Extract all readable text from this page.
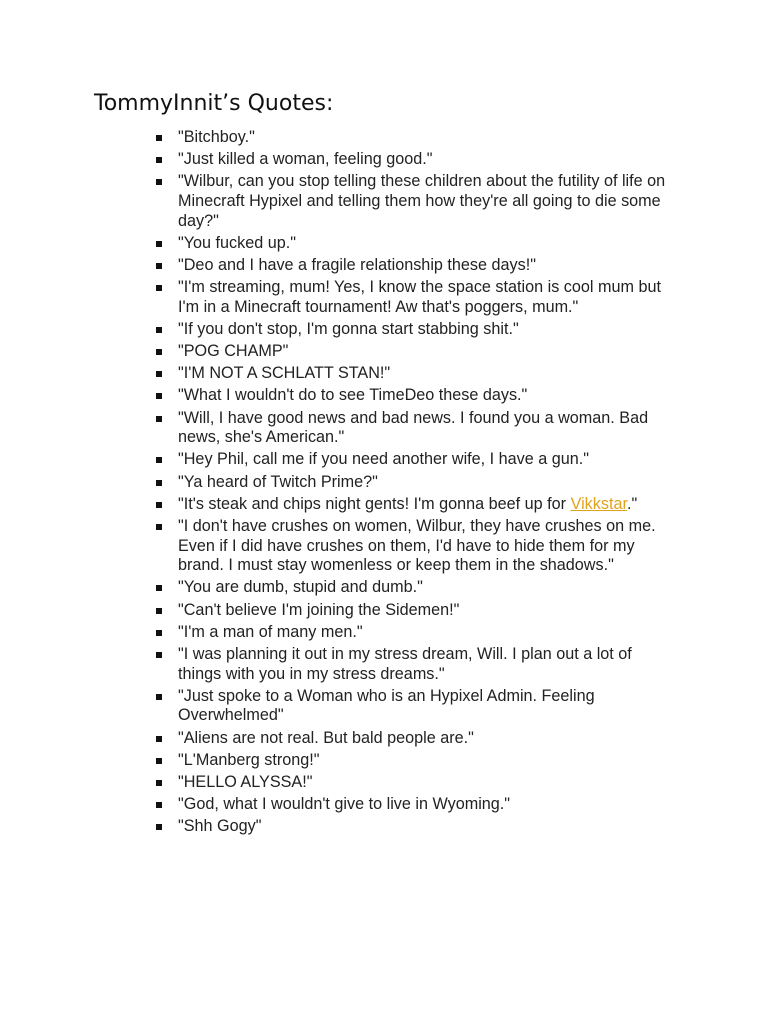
TommyInnit’s Quotes:
"Bitchboy."
"Just killed a woman, feeling good."
"Wilbur, can you stop telling these children about the futility of life on Minecraft Hypixel and telling them how they're all going to die some day?"
"You fucked up."
"Deo and I have a fragile relationship these days!"
"I'm streaming, mum! Yes, I know the space station is cool mum but I'm in a Minecraft tournament! Aw that's poggers, mum."
"If you don't stop, I'm gonna start stabbing shit."
"POG CHAMP"
"I'M NOT A SCHLATT STAN!"
"What I wouldn't do to see TimeDeo these days."
"Will, I have good news and bad news. I found you a woman. Bad news, she's American."
"Hey Phil, call me if you need another wife, I have a gun."
"Ya heard of Twitch Prime?"
"It's steak and chips night gents! I'm gonna beef up for Vikkstar."
"I don't have crushes on women, Wilbur, they have crushes on me. Even if I did have crushes on them, I'd have to hide them for my brand. I must stay womenless or keep them in the shadows."
"You are dumb, stupid and dumb."
"Can't believe I'm joining the Sidemen!"
"I'm a man of many men."
"I was planning it out in my stress dream, Will. I plan out a lot of things with you in my stress dreams."
"Just spoke to a Woman who is an Hypixel Admin. Feeling Overwhelmed"
"Aliens are not real. But bald people are."
"L'Manberg strong!"
"HELLO ALYSSA!"
"God, what I wouldn't give to live in Wyoming."
"Shh Gogy"
